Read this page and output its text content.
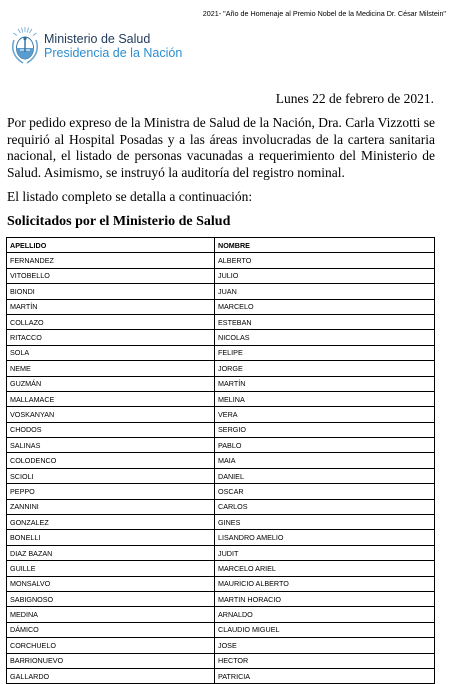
2021- "Año de Homenaje al Premio Nobel de la Medicina Dr. César Milstein"
Ministerio de Salud
Presidencia de la Nación
Lunes 22 de febrero de 2021.
Por pedido expreso de la Ministra de Salud de la Nación, Dra. Carla Vizzotti se requirió al Hospital Posadas y a las áreas involucradas de la cartera sanitaria nacional, el listado de personas vacunadas a requerimiento del Ministerio de Salud. Asimismo, se instruyó la auditoría del registro nominal.
El listado completo se detalla a continuación:
Solicitados por el Ministerio de Salud
APELLIDO	NOMBRE
FERNANDEZ	ALBERTO
VITOBELLO	JULIO
BIONDI	JUAN
MARTÍN	MARCELO
COLLAZO	ESTEBAN
RITACCO	NICOLAS
SOLA	FELIPE
NEME	JORGE
GUZMÁN	MARTÍN
MALLAMACE	MELINA
VOSKANYAN	VERA
CHODOS	SERGIO
SALINAS	PABLO
COLODENCO	MAIA
SCIOLI	DANIEL
PEPPO	OSCAR
ZANNINI	CARLOS
GONZALEZ	GINES
BONELLI	LISANDRO AMELIO
DIAZ BAZAN	JUDIT
GUILLE	MARCELO ARIEL
MONSALVO	MAURICIO ALBERTO
SABIGNOSO	MARTIN HORACIO
MEDINA	ARNALDO
DÁMICO	CLAUDIO MIGUEL
CORCHUELO	JOSE
BARRIONUEVO	HECTOR
GALLARDO	PATRICIA
